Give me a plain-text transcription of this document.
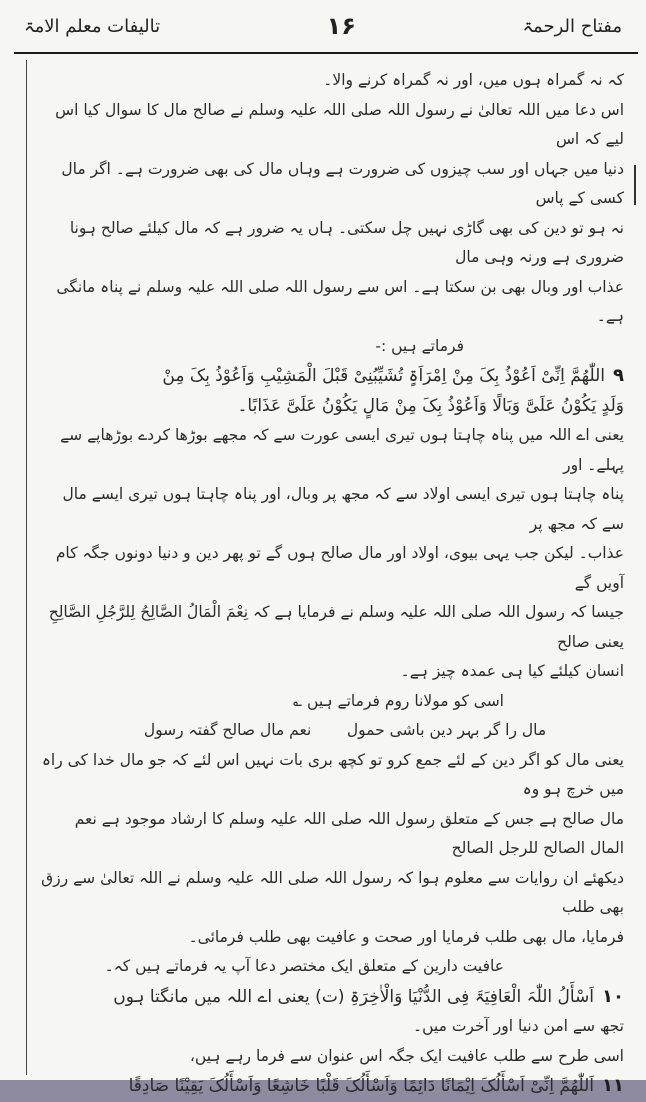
مفتاح الرحمۃ
۱۶
تالیفات معلم الامۃ

کہ نہ گمراہ ہوں میں، اور نہ گمراہ کرنے والا۔

اس دعا میں اللہ تعالیٰ نے رسول اللہ صلی اللہ علیہ وسلم نے صالح مال کا سوال کیا اس لیے کہ اس

دنیا میں جہاں اور سب چیزوں کی ضرورت ہے وہاں مال کی بھی ضرورت ہے۔ اگر مال کسی کے پاس

نہ ہو تو دین کی بھی گاڑی نہیں چل سکتی۔ ہاں یہ ضرور ہے کہ مال کیلئے صالح ہونا ضروری ہے ورنہ وہی مال

عذاب اور وبال بھی بن سکتا ہے۔ اس سے رسول اللہ صلی اللہ علیہ وسلم نے پناہ مانگی ہے۔

فرماتے ہیں :-

۹اللّٰھُمَّ اِنِّیْ اَعُوْذُ بِکَ مِنْ اِمْرَاَۃٍ تُشَیِّبُنِیْ قَبْلَ الْمَشِیْبِ وَاَعُوْذُ بِکَ مِنْ

وَلَدٍ یَکُوْنُ عَلَیَّ وَبَالًا وَاَعُوْذُ بِکَ مِنْ مَالٍ یَکُوْنُ عَلَیَّ عَذَابًا۔

یعنی اے اللہ میں پناہ چاہتا ہوں تیری ایسی عورت سے کہ مجھے بوڑھا کردے بوڑھاپے سے پہلے۔ اور

پناہ چاہتا ہوں تیری ایسی اولاد سے کہ مجھ پر وبال، اور پناہ چاہتا ہوں تیری ایسے مال سے کہ مجھ پر

عذاب۔ لیکن جب یہی بیوی، اولاد اور مال صالح ہوں گے تو پھر دین و دنیا دونوں جگہ کام آویں گے

جیسا کہ رسول اللہ صلی اللہ علیہ وسلم نے فرمایا ہے کہ نِعْمَ الْمَالُ الصَّالِحُ لِلرَّجُلِ الصَّالِحِ یعنی صالح

انسان کیلئے کیا ہی عمدہ چیز ہے۔

اسی کو مولانا روم فرماتے ہیں ؎

مال را گر بہر دین باشی حمول
نعم مال صالح گفتہ رسول

یعنی مال کو اگر دین کے لئے جمع کرو تو کچھ بری بات نہیں اس لئے کہ جو مال خدا کی راہ میں خرچ ہو وہ

مال صالح ہے جس کے متعلق رسول اللہ صلی اللہ علیہ وسلم کا ارشاد موجود ہے نعم المال الصالح للرجل الصالح

دیکھئے ان روایات سے معلوم ہوا کہ رسول اللہ صلی اللہ علیہ وسلم نے اللہ تعالیٰ سے رزق بھی طلب

فرمایا، مال بھی طلب فرمایا اور صحت و عافیت بھی طلب فرمائی۔

عافیت دارین کے متعلق ایک مختصر دعا آپ یہ فرماتے ہیں کہ۔

۱۰اَسْأَلُ اللّٰہَ الْعَافِیَۃَ فِی الدُّنْیَا وَالْاٰخِرَۃِ (ت) یعنی اے اللہ میں مانگتا ہوں

تجھ سے امن دنیا اور آخرت میں۔

اسی طرح سے طلب عافیت ایک جگہ اس عنوان سے فرما رہے ہیں،

۱۱اَللّٰھُمَّ اِنِّیْ اَسْأَلُکَ اِیْمَانًا دَائِمًا وَاَسْأَلُکَ قَلْبًا خَاشِعًا وَاَسْأَلُکَ یَقِیْنًا صَادِقًا
